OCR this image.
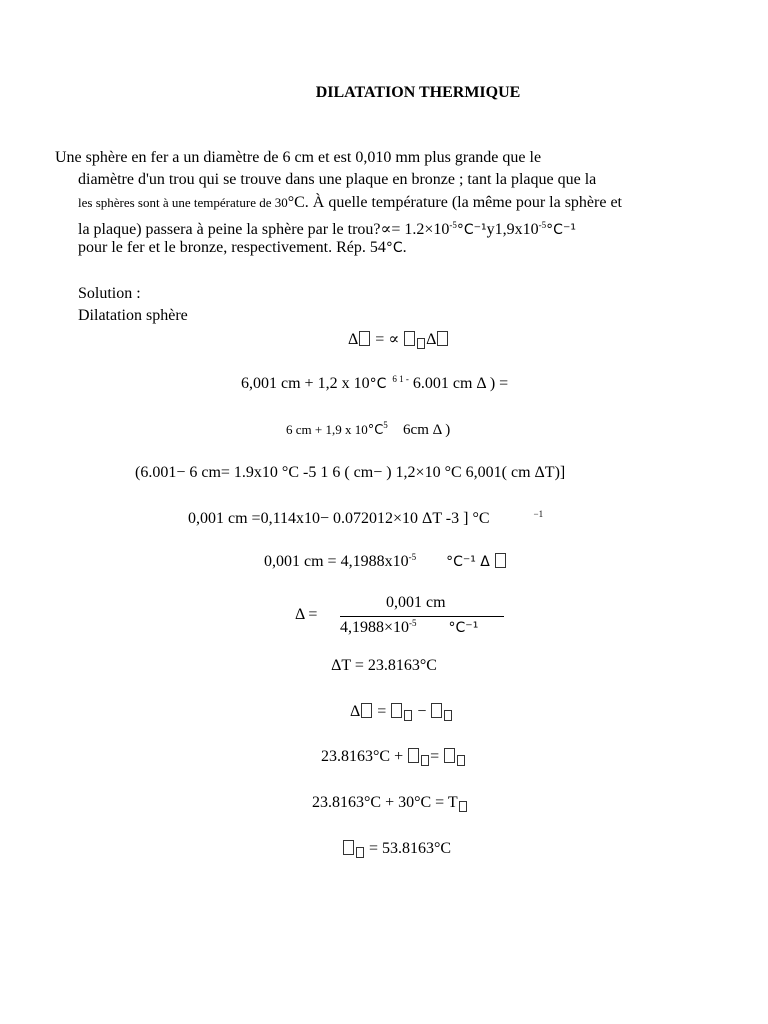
DILATATION THERMIQUE
Une sphère en fer a un diamètre de 6 cm et est 0,010 mm plus grande que le
diamètre d'un trou qui se trouve dans une plaque en bronze ; tant la plaque que la
les sphères sont à une température de 30°C. À quelle température (la même pour la sphère et
la plaque) passera à peine la sphère par le trou?∝= $1.2\times 10^{-5}^\circ C^{-1}y1,9x10^{-5}^\circ C^{-1}$
pour le fer et le bronze, respectivement. Rép. 54°C.
Solution :
Dilatation sphère
Δ = ∝ Δ
6,001 cm + 1,2 x 10°C $^{6 1 -}$ 6.001 cm Δ ) =
6 cm + 1,9 x $10^\circ C^5$ 6cm Δ )
(6.001− 6 cm= 1.9x10 °C -5 1 6 ( cm− ) 1,2×10 °C 6,001( cm ΔT)]
0,001 cm =0,114x10− 0.072012×10 ΔT -3 ] °C	$^{-1}$
0,001 cm = $4,1988x10^{-5}$ °C⁻¹ Δ
Δ =
0,001 cm
$4,1988\times 10^{-5}$ °C⁻¹
ΔT = 23.8163°C
Δ =  −
23.8163°C + =
23.8163°C + 30°C = T
= 53.8163°C
